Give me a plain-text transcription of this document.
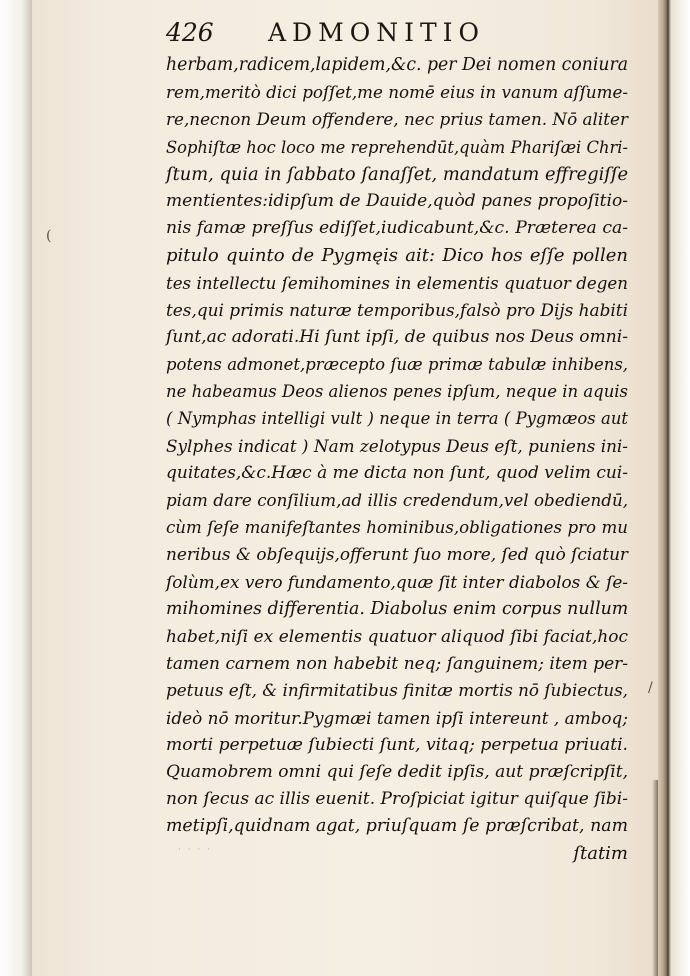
426 ADMONITIO
herbam,radicem,lapidem,&c. per Dei nomen coniura
rem,meritò dici poſſet,me nomē eius in vanum aſſume-
re,necnon Deum offendere, nec prius tamen. Nō aliter
Sophiſtæ hoc loco me reprehendūt,quàm Phariſæi Chri-
ſtum, quia in ſabbato ſanaſſet, mandatum effregiſſe
mentientes:idipſum de Dauide,quòd panes propoſitio-
nis famæ preſſus ediſſet,iudicabunt,&c. Præterea ca-
pitulo quinto de Pygmęis ait: Dico hos eſſe pollen
tes intellectu ſemihomines in elementis quatuor degen
tes,qui primis naturæ temporibus,falsò pro Dijs habiti
ſunt,ac adorati.Hi ſunt ipſi, de quibus nos Deus omni-
potens admonet,præcepto ſuæ primæ tabulæ inhibens,
ne habeamus Deos alienos penes ipſum, neque in aquis
( Nymphas intelligi vult ) neque in terra ( Pygmæos aut
Sylphes indicat ) Nam zelotypus Deus eſt, puniens ini-
quitates,&c.Hæc à me dicta non ſunt, quod velim cui-
piam dare conſilium,ad illis credendum,vel obediendū,
cùm ſeſe manifeſtantes hominibus,obligationes pro mu
neribus & obſequijs,offerunt ſuo more, ſed quò ſciatur
ſolùm,ex vero fundamento,quæ ſit inter diabolos & ſe-
mihomines differentia. Diabolus enim corpus nullum
habet,niſi ex elementis quatuor aliquod ſibi faciat,hoc
tamen carnem non habebit neq; ſanguinem; item per-
petuus eſt, & infirmitatibus finitæ mortis nō ſubiectus,
ideò nō moritur.Pygmæi tamen ipſi intereunt , amboq;
morti perpetuæ ſubiecti ſunt, vitaq; perpetua priuati.
Quamobrem omni qui ſeſe dedit ipſis, aut præſcripſit,
non ſecus ac illis euenit. Proſpiciat igitur quiſque ſibi-
metipſi,quidnam agat, priuſquam ſe præſcribat, nam
ſtatim
(
/
· · · ·
